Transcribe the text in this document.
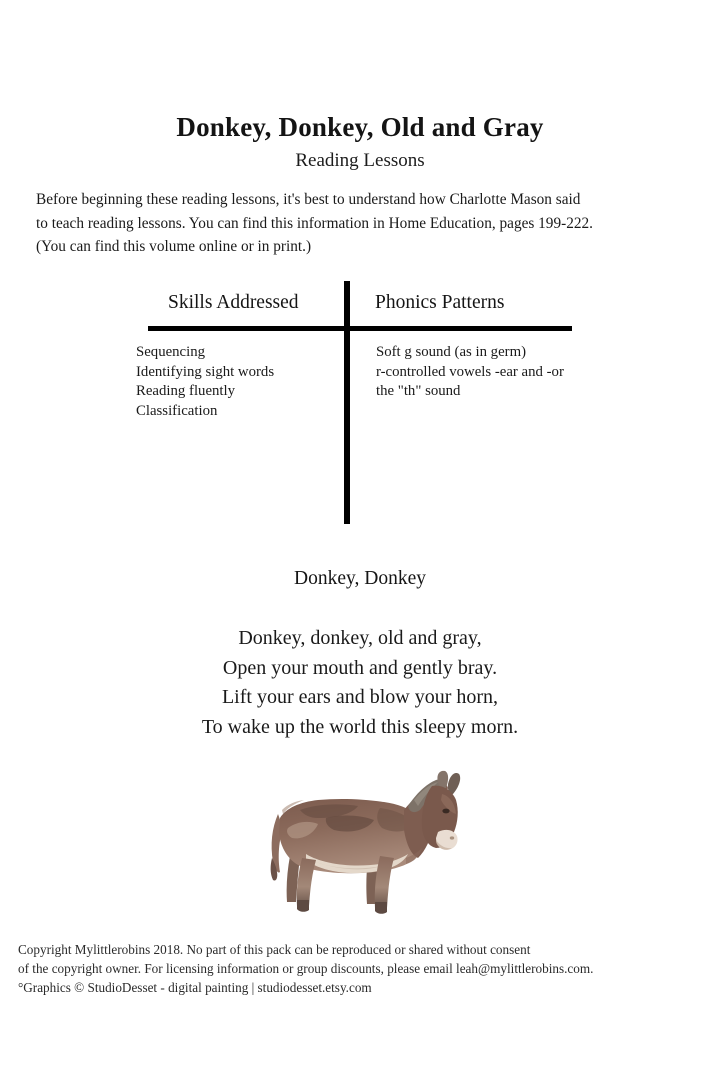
Donkey, Donkey, Old and Gray
Reading Lessons
Before beginning these reading lessons, it's best to understand how Charlotte Mason said
to teach reading lessons. You can find this information in Home Education, pages 199-222.
(You can find this volume online or in print.)
Skills Addressed	Phonics Patterns
Sequencing
Identifying sight words
Reading fluently
Classification
Soft g sound (as in germ)
r-controlled vowels -ear and -or
the "th" sound
Donkey, Donkey
Donkey, donkey, old and gray,
Open your mouth and gently bray.
Lift your ears and blow your horn,
To wake up the world this sleepy morn.
Copyright Mylittlerobins 2018. No part of this pack can be reproduced or shared without consent
of the copyright owner. For licensing information or group discounts, please email leah@mylittlerobins.com.
°Graphics © StudioDesset - digital painting | studiodesset.etsy.com
